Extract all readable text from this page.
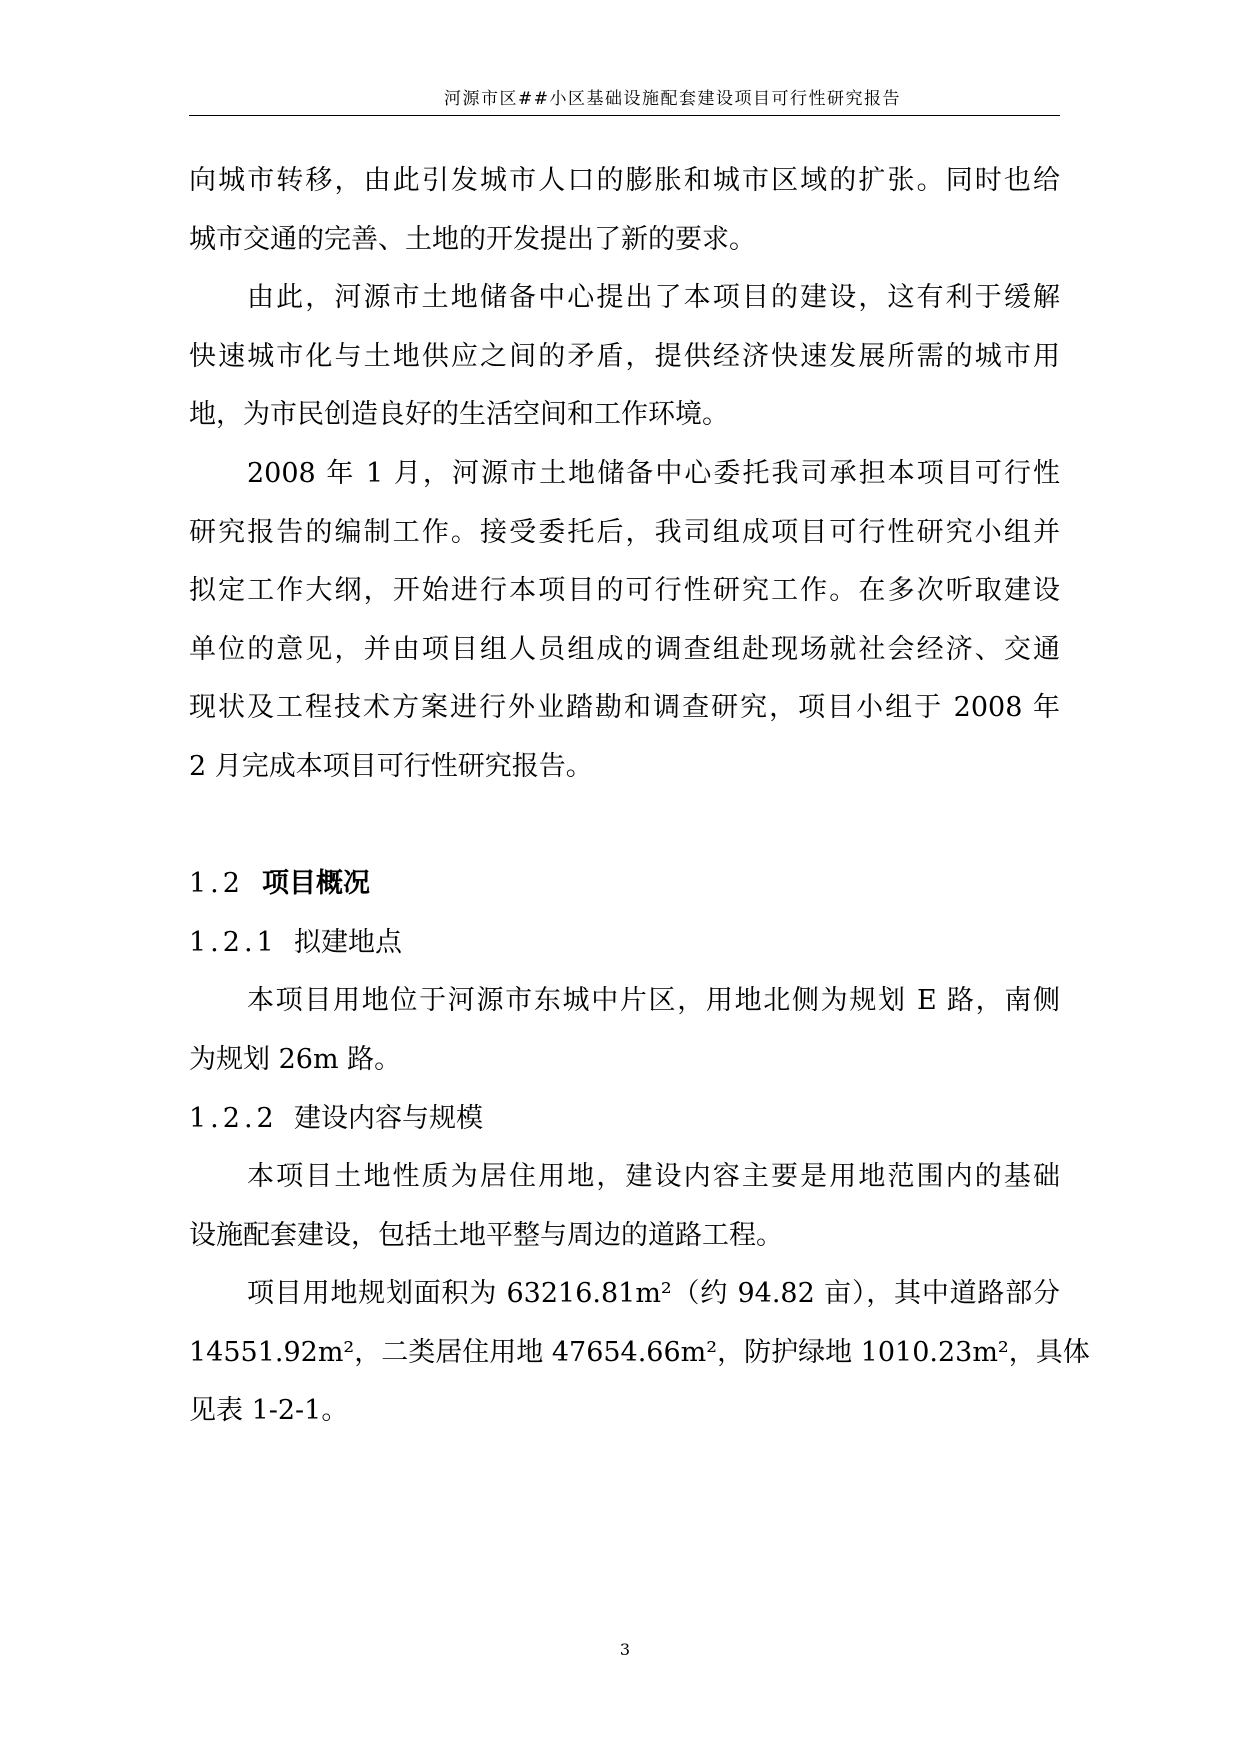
河源市区##小区基础设施配套建设项目可行性研究报告
向城市转移，由此引发城市人口的膨胀和城市区域的扩张。同时也给
城市交通的完善、土地的开发提出了新的要求。
由此，河源市土地储备中心提出了本项目的建设，这有利于缓解
快速城市化与土地供应之间的矛盾，提供经济快速发展所需的城市用
地，为市民创造良好的生活空间和工作环境。
2008 年 1 月，河源市土地储备中心委托我司承担本项目可行性
研究报告的编制工作。接受委托后，我司组成项目可行性研究小组并
拟定工作大纲，开始进行本项目的可行性研究工作。在多次听取建设
单位的意见，并由项目组人员组成的调查组赴现场就社会经济、交通
现状及工程技术方案进行外业踏勘和调查研究，项目小组于 2008 年
2 月完成本项目可行性研究报告。
1.2 项目概况
1.2.1 拟建地点
本项目用地位于河源市东城中片区，用地北侧为规划 E 路，南侧
为规划 26m 路。
1.2.2 建设内容与规模
本项目土地性质为居住用地，建设内容主要是用地范围内的基础
设施配套建设，包括土地平整与周边的道路工程。
项目用地规划面积为 63216.81m²（约 94.82 亩），其中道路部分
14551.92m²，二类居住用地 47654.66m²，防护绿地 1010.23m²，具体
见表 1-2-1。
3
